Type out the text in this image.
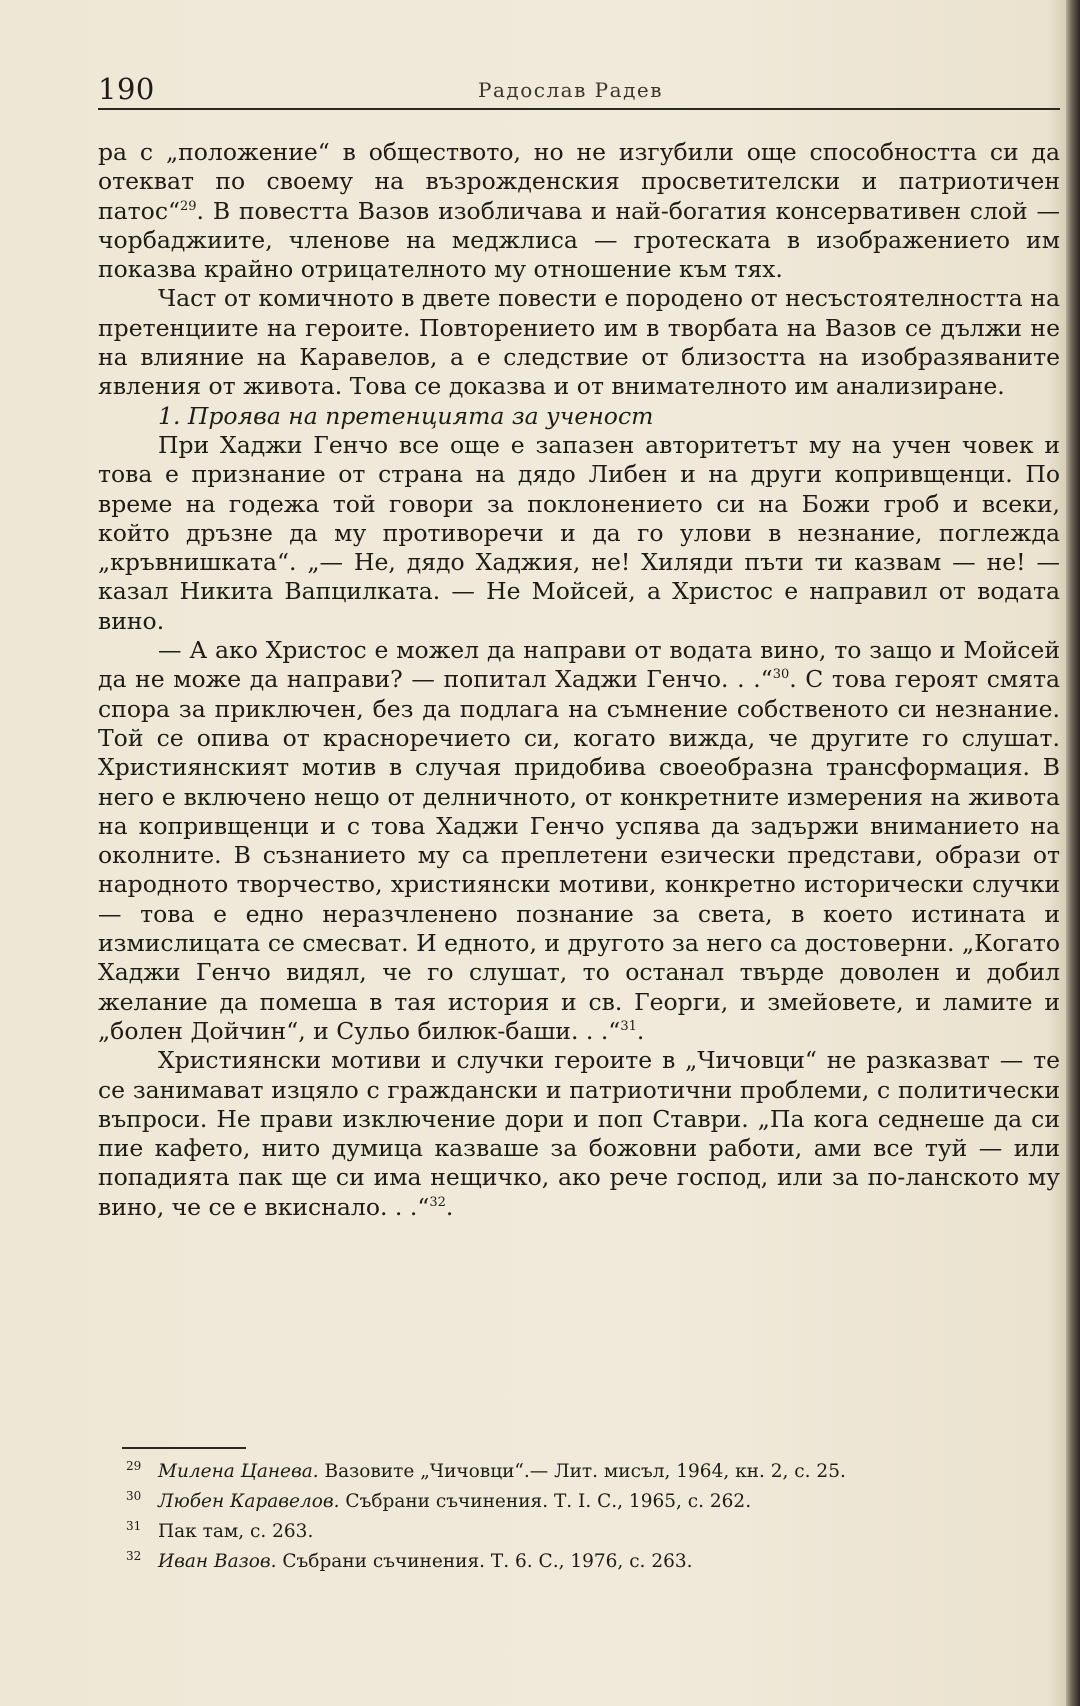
190	Радослав Радев

ра с „положение“ в обществото, но не изгубили още способността си да отекват по своему на възрожденския просветителски и патриотичен патос“$^{29}$. В повестта Вазов изобличава и най-богатия консервативен слой — чорбаджиите, членове на меджлиса — гротеската в изображението им показва крайно отрицателното му отношение към тях.

Част от комичното в двете повести е породено от несъстоятелността на претенциите на героите. Повторението им в творбата на Вазов се дължи не на влияние на Каравелов, а е следствие от близостта на изобразяваните явления от живота. Това се доказва и от внимателното им анализиране.

1. Проява на претенцията за ученост

При Хаджи Генчо все още е запазен авторитетът му на учен човек и това е признание от страна на дядо Либен и на други копривщенци. По време на годежа той говори за поклонението си на Божи гроб и всеки, който дръзне да му противоречи и да го улови в незнание, поглежда „кръвнишката“. „— Не, дядо Хаджия, не! Хиляди пъти ти казвам — не! — казал Никита Вапцилката. — Не Мойсей, а Христос е направил от водата вино.

— А ако Христос е можел да направи от водата вино, то защо и Мойсей да не може да направи? — попитал Хаджи Генчо. . .“$^{30}$. С това героят смята спора за приключен, без да подлага на съмнение собственото си незнание. Той се опива от красноречието си, когато вижда, че другите го слушат. Християнският мотив в случая придобива своеобразна трансформация. В него е включено нещо от делничното, от конкретните измерения на живота на копривщенци и с това Хаджи Генчо успява да задържи вниманието на околните. В съзнанието му са преплетени езически представи, образи от народното творчество, християнски мотиви, конкретно исторически случки — това е едно неразчленено познание за света, в което истината и измислицата се смесват. И едното, и другото за него са достоверни. „Когато Хаджи Генчо видял, че го слушат, то останал твърде доволен и добил желание да помеша в тая история и св. Георги, и змейовете, и ламите и „болен Дойчин“, и Сульо билюк-баши. . .“$^{31}$.

Християнски мотиви и случки героите в „Чичовци“ не разказват — те се занимават изцяло с граждански и патриотични проблеми, с политически въпроси. Не прави изключение дори и поп Ставри. „Па кога седнеше да си пие кафето, нито думица казваше за божовни работи, ами все туй — или попадията пак ще си има нещичко, ако рече господ, или за по-ланското му вино, че се е вкиснало. . .“$^{32}$.

29 Милена Цанева. Вазовите „Чичовци“.— Лит. мисъл, 1964, кн. 2, с. 25.

30 Любен Каравелов. Събрани съчинения. Т. I. С., 1965, с. 262.

31 Пак там, с. 263.

32 Иван Вазов. Събрани съчинения. Т. 6. С., 1976, с. 263.
